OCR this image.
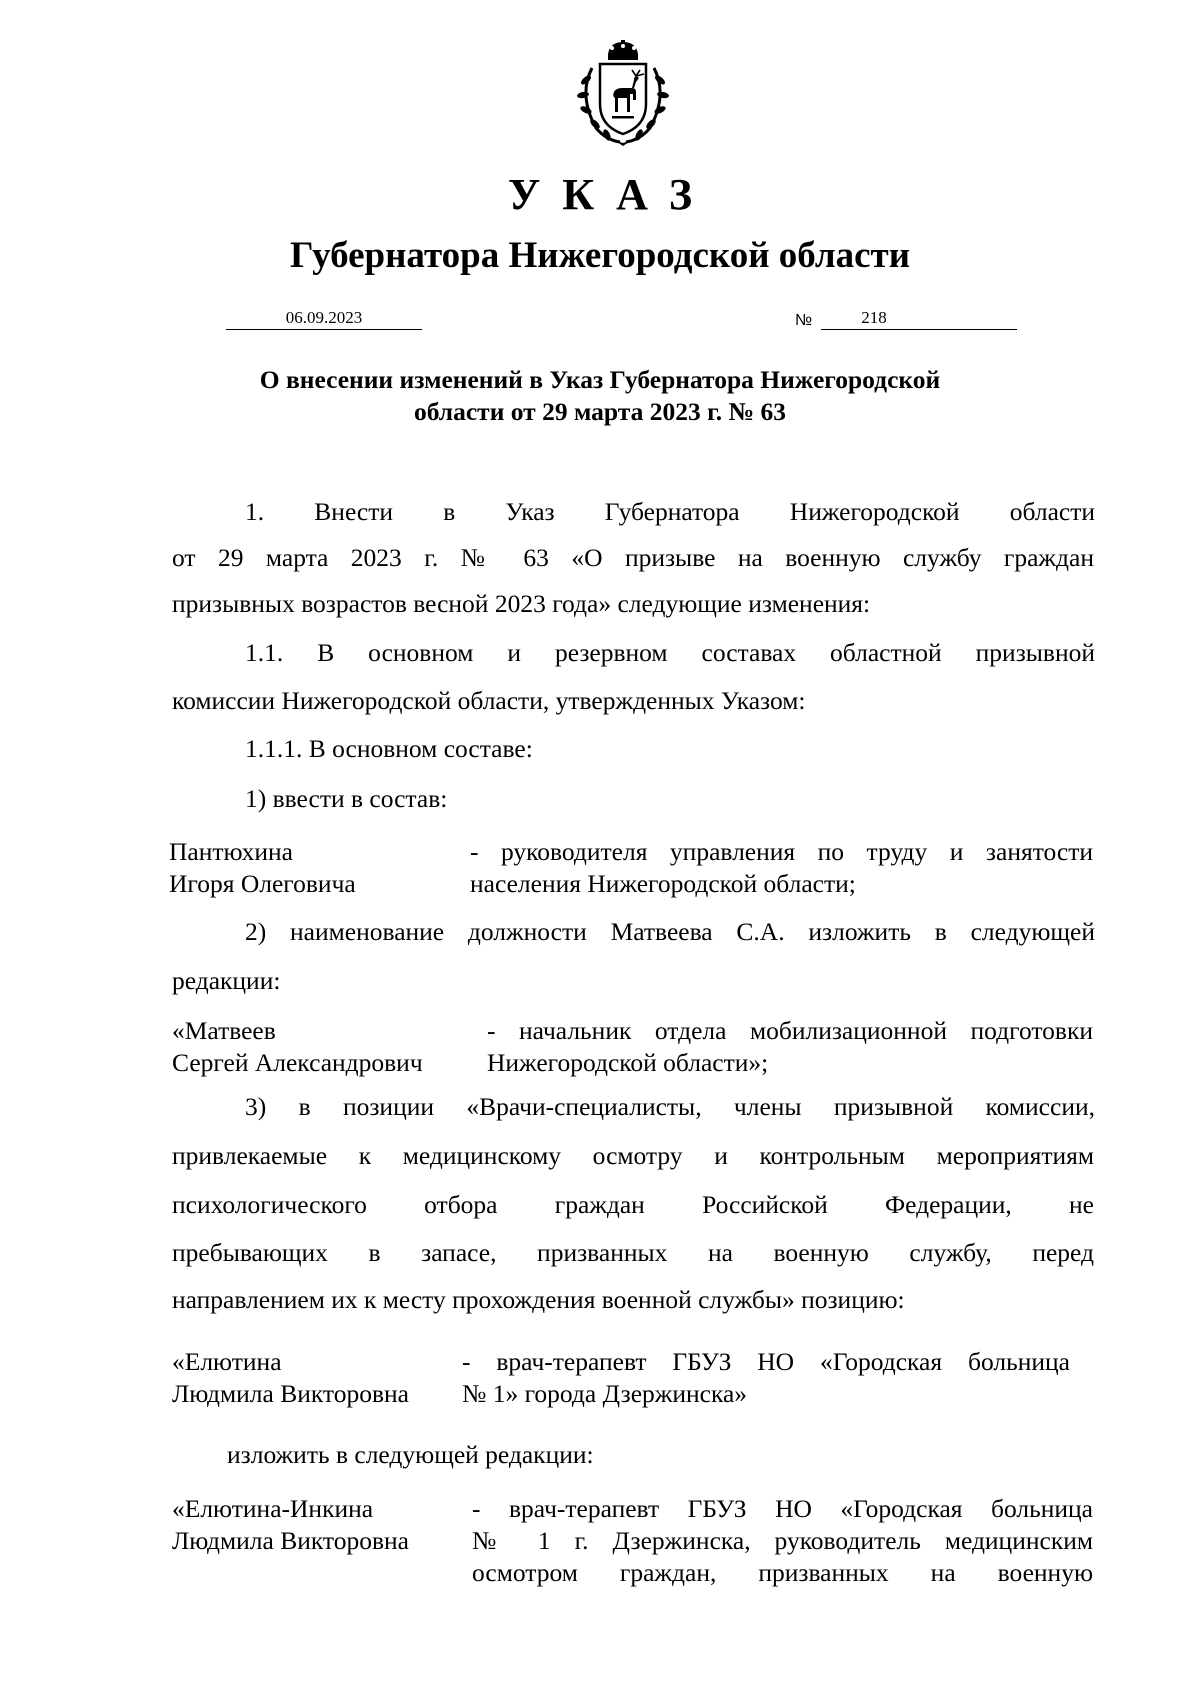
УКАЗ
Губернатора Нижегородской области
06.09.2023	№	218
О внесении изменений в Указ Губернатора Нижегородской
области от 29 марта 2023 г. № 63
1. Внести в Указ Губернатора Нижегородской области
от 29 марта 2023 г. № 63 «О призыве на военную службу граждан
призывных возрастов весной 2023 года» следующие изменения:
1.1. В основном и резервном составах областной призывной
комиссии Нижегородской области, утвержденных Указом:
1.1.1. В основном составе:
1) ввести в состав:
Пантюхина
Игоря Олеговича
- руководителя управления по труду и занятости
населения Нижегородской области;
2) наименование должности Матвеева С.А. изложить в следующей
редакции:
«Матвеев
Сергей Александрович
- начальник отдела мобилизационной подготовки
Нижегородской области»;
3) в позиции «Врачи-специалисты, члены призывной комиссии,
привлекаемые к медицинскому осмотру и контрольным мероприятиям
психологического отбора граждан Российской Федерации, не
пребывающих в запасе, призванных на военную службу, перед
направлением их к месту прохождения военной службы» позицию:
«Елютина
Людмила Викторовна
- врач-терапевт ГБУЗ НО «Городская больница
№ 1» города Дзержинска»
изложить в следующей редакции:
«Елютина-Инкина
Людмила Викторовна
- врач-терапевт ГБУЗ НО «Городская больница
№ 1 г. Дзержинска, руководитель медицинским
осмотром граждан, призванных на военную
